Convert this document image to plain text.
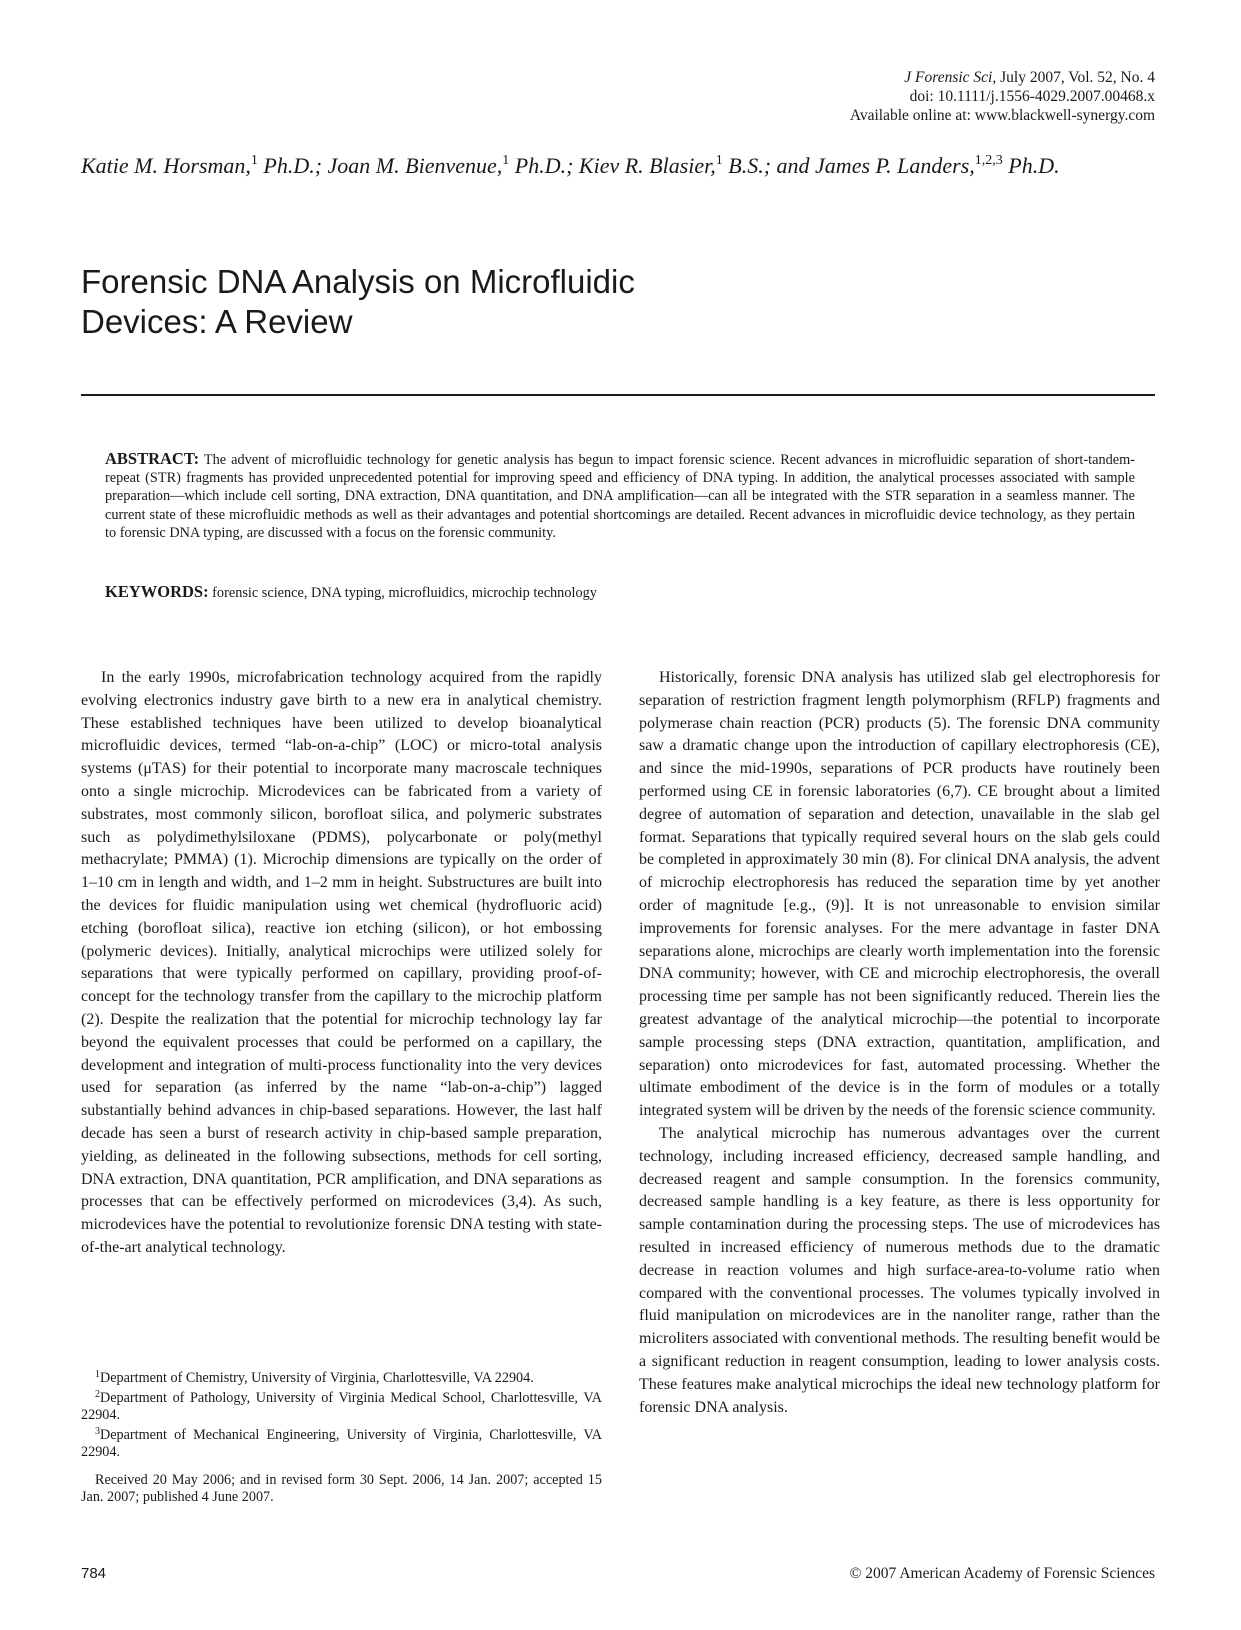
J Forensic Sci, July 2007, Vol. 52, No. 4
doi: 10.1111/j.1556-4029.2007.00468.x
Available online at: www.blackwell-synergy.com
Katie M. Horsman,$^1$ Ph.D.; Joan M. Bienvenue,$^1$ Ph.D.; Kiev R. Blasier,$^1$ B.S.; and James P. Landers,$^{1,2,3}$ Ph.D.
Forensic DNA Analysis on Microfluidic
Devices: A Review

ABSTRACT: The advent of microfluidic technology for genetic analysis has begun to impact forensic science. Recent advances in microfluidic separation of short-tandem-repeat (STR) fragments has provided unprecedented potential for improving speed and efficiency of DNA typing. In addition, the analytical processes associated with sample preparation—which include cell sorting, DNA extraction, DNA quantitation, and DNA amplification—can all be integrated with the STR separation in a seamless manner. The current state of these microfluidic methods as well as their advantages and potential shortcomings are detailed. Recent advances in microfluidic device technology, as they pertain to forensic DNA typing, are discussed with a focus on the forensic community.

KEYWORDS: forensic science, DNA typing, microfluidics, microchip technology

In the early 1990s, microfabrication technology acquired from the rapidly evolving electronics industry gave birth to a new era in analytical chemistry. These established techniques have been utilized to develop bioanalytical microfluidic devices, termed “lab-on-a-chip” (LOC) or micro-total analysis systems (μTAS) for their potential to incorporate many macroscale techniques onto a single microchip. Microdevices can be fabricated from a variety of substrates, most commonly silicon, borofloat silica, and polymeric substrates such as polydimethylsiloxane (PDMS), polycarbonate or poly(methyl methacrylate; PMMA) (1). Microchip dimensions are typically on the order of 1–10 cm in length and width, and 1–2 mm in height. Substructures are built into the devices for fluidic manipulation using wet chemical (hydrofluoric acid) etching (borofloat silica), reactive ion etching (silicon), or hot embossing (polymeric devices). Initially, analytical microchips were utilized solely for separations that were typically performed on capillary, providing proof-of-concept for the technology transfer from the capillary to the microchip platform (2). Despite the realization that the potential for microchip technology lay far beyond the equivalent processes that could be performed on a capillary, the development and integration of multi-process functionality into the very devices used for separation (as inferred by the name “lab-on-a-chip”) lagged substantially behind advances in chip-based separations. However, the last half decade has seen a burst of research activity in chip-based sample preparation, yielding, as delineated in the following subsections, methods for cell sorting, DNA extraction, DNA quantitation, PCR amplification, and DNA separations as processes that can be effectively performed on microdevices (3,4). As such, microdevices have the potential to revolutionize forensic DNA testing with state-of-the-art analytical technology.

Historically, forensic DNA analysis has utilized slab gel electrophoresis for separation of restriction fragment length polymorphism (RFLP) fragments and polymerase chain reaction (PCR) products (5). The forensic DNA community saw a dramatic change upon the introduction of capillary electrophoresis (CE), and since the mid-1990s, separations of PCR products have routinely been performed using CE in forensic laboratories (6,7). CE brought about a limited degree of automation of separation and detection, unavailable in the slab gel format. Separations that typically required several hours on the slab gels could be completed in approximately 30 min (8). For clinical DNA analysis, the advent of microchip electrophoresis has reduced the separation time by yet another order of magnitude [e.g., (9)]. It is not unreasonable to envision similar improvements for forensic analyses. For the mere advantage in faster DNA separations alone, microchips are clearly worth implementation into the forensic DNA community; however, with CE and microchip electrophoresis, the overall processing time per sample has not been significantly reduced. Therein lies the greatest advantage of the analytical microchip—the potential to incorporate sample processing steps (DNA extraction, quantitation, amplification, and separation) onto microdevices for fast, automated processing. Whether the ultimate embodiment of the device is in the form of modules or a totally integrated system will be driven by the needs of the forensic science community.

The analytical microchip has numerous advantages over the current technology, including increased efficiency, decreased sample handling, and decreased reagent and sample consumption. In the forensics community, decreased sample handling is a key feature, as there is less opportunity for sample contamination during the processing steps. The use of microdevices has resulted in increased efficiency of numerous methods due to the dramatic decrease in reaction volumes and high surface-area-to-volume ratio when compared with the conventional processes. The volumes typically involved in fluid manipulation on microdevices are in the nanoliter range, rather than the microliters associated with conventional methods. The resulting benefit would be a significant reduction in reagent consumption, leading to lower analysis costs. These features make analytical microchips the ideal new technology platform for forensic DNA analysis.

$^1$Department of Chemistry, University of Virginia, Charlottesville, VA 22904.

$^2$Department of Pathology, University of Virginia Medical School, Charlottesville, VA 22904.

$^3$Department of Mechanical Engineering, University of Virginia, Charlottesville, VA 22904.

Received 20 May 2006; and in revised form 30 Sept. 2006, 14 Jan. 2007; accepted 15 Jan. 2007; published 4 June 2007.

784	© 2007 American Academy of Forensic Sciences
